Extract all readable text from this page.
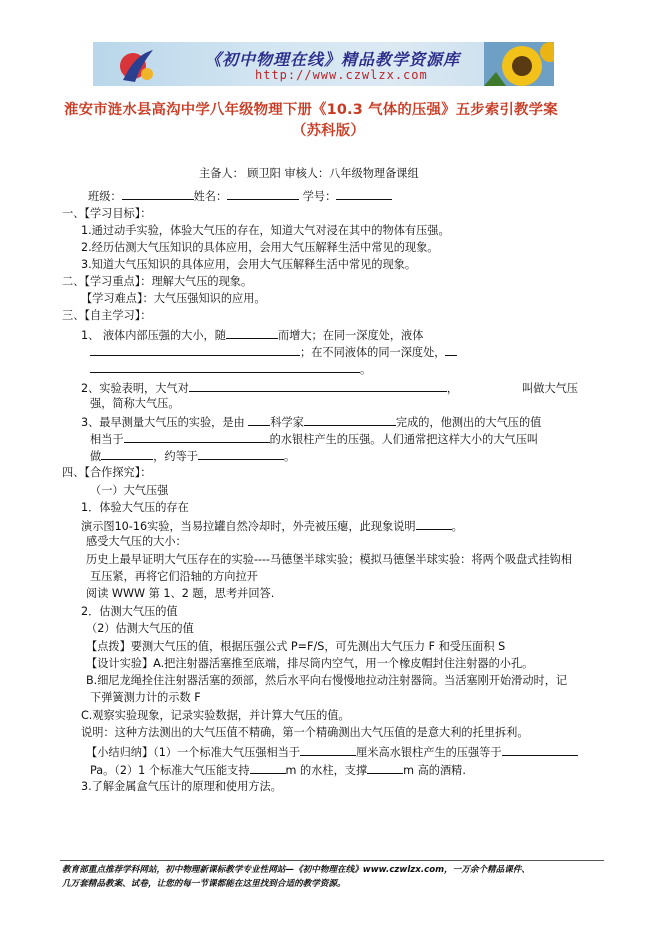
《初中物理在线》精品教学资源库
http://www.czwlzx.com
淮安市涟水县高沟中学八年级物理下册《10.3 气体的压强》五步索引教学案
（苏科版）
主备人： 顾卫阳 审核人：八年级物理备课组
班级：	姓名：	学号：
一、【学习目标】：
1.通过动手实验，体验大气压的存在，知道大气对浸在其中的物体有压强。
2.经历估测大气压知识的具体应用，会用大气压解释生活中常见的现象。
3.知道大气压知识的具体应用，会用大气压解释生活中常见的现象。
二、【学习重点】：理解大气压的现象。
【学习难点】：大气压强知识的应用。
三、【自主学习】：
1、 液体内部压强的大小，随	而增大；在同一深度处，液体
；在不同液体的同一深度处，
。
2、实验表明，大气对	，	叫做大气压
强，简称大气压。
3、最早测量大气压的实验，是由 科学家	完成的，他测出的大气压的值
相当于	的水银柱产生的压强。人们通常把这样大小的大气压叫
做	，约等于	。
四、【合作探究】：
（一）大气压强
1．体验大气压的存在
演示图10-16实验，当易拉罐自然冷却时，外壳被压瘪，此现象说明	。
感受大气压的大小：
历史上最早证明大气压存在的实验----马德堡半球实验；模拟马德堡半球实验：将两个吸盘式挂钩相
互压紧，再将它们沿轴的方向拉开
阅读 WWW 第 1、2 题，思考并回答.
2．估测大气压的值
（2）估测大气压的值
【点拨】要测大气压的值，根据压强公式 P=F/S，可先测出大气压力 F 和受压面积 S
【设计实验】A.把注射器活塞推至底端，排尽筒内空气，用一个橡皮帽封住注射器的小孔。
B.细尼龙绳拴住注射器活塞的颈部，然后水平向右慢慢地拉动注射器筒。当活塞刚开始滑动时，记
下弹簧测力计的示数 F
C.观察实验现象，记录实验数据，并计算大气压的值。
说明：这种方法测出的大气压值不精确，第一个精确测出大气压值的是意大利的托里拆利。
【小结归纳】（1）一个标准大气压强相当于	厘米高水银柱产生的压强等于
Pa。（2）1 个标准大气压能支持	m 的水柱，支撑	m 高的酒精.
3.了解金属盒气压计的原理和使用方法。
教育部重点推荐学科网站，初中物理新课标教学专业性网站—《初中物理在线》www.czwlzx.com，一万余个精品课件、
几万套精品教案、试卷，让您的每一节课都能在这里找到合适的教学资源。
